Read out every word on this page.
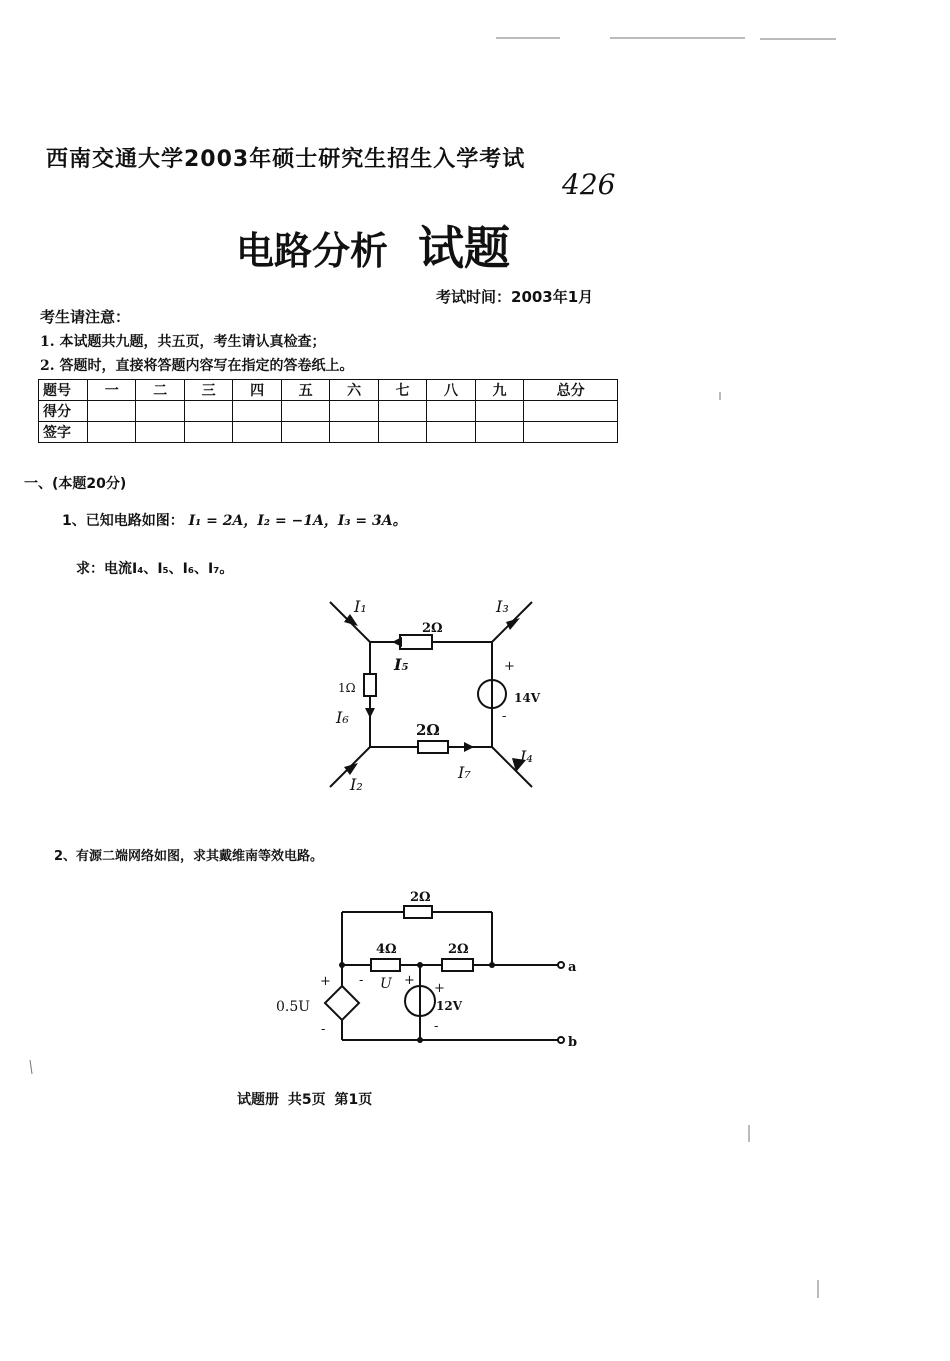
西南交通大学2003年硕士研究生招生入学考试
426
电路分析 试题
考试时间：2003年1月
考生请注意：
1. 本试题共九题，共五页，考生请认真检查；
2. 答题时，直接将答题内容写在指定的答卷纸上。
题号	一	二	三	四	五	六	七	八	九	总分
得分										
签字										
一、(本题20分)
1、已知电路如图： I₁ = 2A，I₂ = −1A，I₃ = 3A。
求：电流I₄、I₅、I₆、I₇。
I₁
I₂
I₃
I₄
I₅
I₆
I₇
2Ω
1Ω
2Ω
14V
+
-
2、有源二端网络如图，求其戴维南等效电路。
2Ω
4Ω	2Ω
0.5U
U
12V
a
b
+
-
-	+
+
-
试题册 共5页 第1页
